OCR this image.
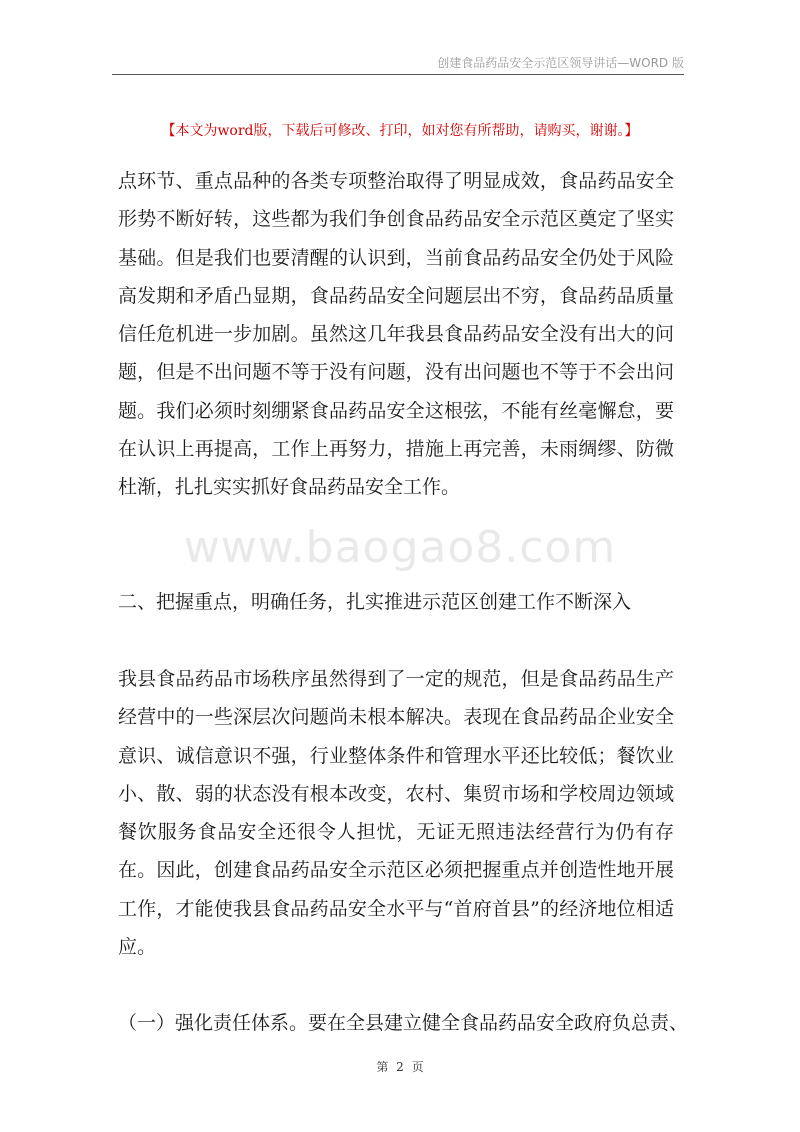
创建食品药品安全示范区领导讲话—WORD 版
【本文为word版，下载后可修改、打印，如对您有所帮助，请购买，谢谢。】

点环节、重点品种的各类专项整治取得了明显成效，食品药品安全形势不断好转，这些都为我们争创食品药品安全示范区奠定了坚实基础。但是我们也要清醒的认识到，当前食品药品安全仍处于风险高发期和矛盾凸显期，食品药品安全问题层出不穷，食品药品质量信任危机进一步加剧。虽然这几年我县食品药品安全没有出大的问题，但是不出问题不等于没有问题，没有出问题也不等于不会出问题。我们必须时刻绷紧食品药品安全这根弦，不能有丝毫懈怠，要在认识上再提高，工作上再努力，措施上再完善，未雨绸缪、防微杜渐，扎扎实实抓好食品药品安全工作。

www.baogao8.com
二、把握重点，明确任务，扎实推进示范区创建工作不断深入

我县食品药品市场秩序虽然得到了一定的规范，但是食品药品生产经营中的一些深层次问题尚未根本解决。表现在食品药品企业安全意识、诚信意识不强，行业整体条件和管理水平还比较低；餐饮业小、散、弱的状态没有根本改变，农村、集贸市场和学校周边领域餐饮服务食品安全还很令人担忧，无证无照违法经营行为仍有存在。因此，创建食品药品安全示范区必须把握重点并创造性地开展工作，才能使我县食品药品安全水平与“首府首县”的经济地位相适应。

（一）强化责任体系。要在全县建立健全食品药品安全政府负总责、
第 2 页
